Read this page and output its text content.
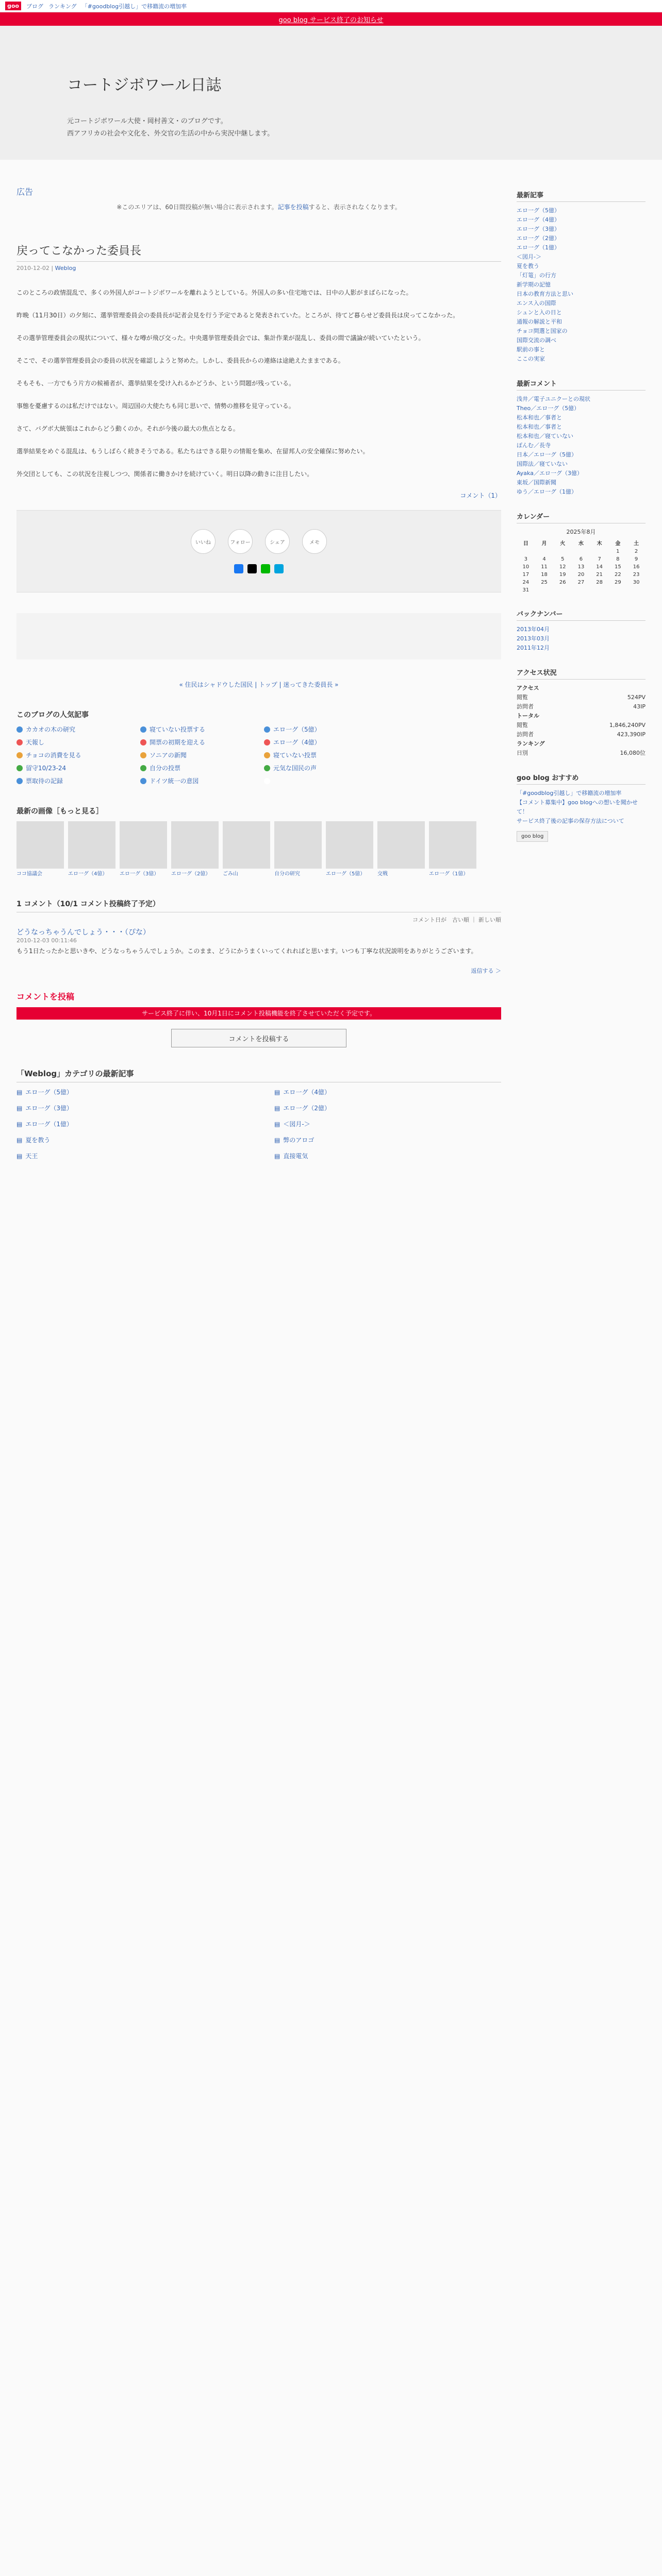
goo	ブログ ランキング 「#goodblog引越し」で移籍流の増加率
goo blog サービス終了のお知らせ
コートジボワール日誌
元コートジボワール大使・岡村善文・のブログです。
西アフリカの社会や文化を、外交官の生活の中から実況中継します。
広告
※このエリアは、60日間投稿が無い場合に表示されます。記事を投稿すると、表示されなくなります。
戻ってこなかった委員長
2010-12-02 | Weblog

このところの政情混乱で、多くの外国人がコートジボワールを離れようとしている。外国人の多い住宅地では、日中の人影がまばらになった。

昨晩（11月30日）の夕刻に、選挙管理委員会の委員長が記者会見を行う予定であると発表されていた。ところが、待てど暮らせど委員長は戻ってこなかった。

その選挙管理委員会の現状について、様々な噂が飛び交った。中央選挙管理委員会では、集計作業が混乱し、委員の間で議論が続いていたという。

そこで、その選挙管理委員会の委員の状況を確認しようと努めた。しかし、委員長からの連絡は途絶えたままである。

そもそも、一方でもう片方の候補者が、選挙結果を受け入れるかどうか、という問題が残っている。

事態を憂慮するのは私だけではない。周辺国の大使たちも同じ思いで、情勢の推移を見守っている。

さて、バグボ大統領はこれからどう動くのか。それが今後の最大の焦点となる。

選挙結果をめぐる混乱は、もうしばらく続きそうである。私たちはできる限りの情報を集め、在留邦人の安全確保に努めたい。

外交団としても、この状況を注視しつつ、関係者に働きかけを続けていく。明日以降の動きに注目したい。

コメント（1）
いいね	フォロー	シェア	メモ
« 住民はシャドウした国民 | トップ | 迷ってきた委員長 »
このブログの人気記事
カカオの木の研究	寝ていない投票する	エロ一グ（5億）
天報し	開票の初期を迎える	エロ一グ（4億）
チョコの消費を見る	ソニアの新聞	寝ていない投票
留守10/23-24	自分の投票	元気な国民の声
票取待の記録	ドイツ統一の意図
最新の画像［もっと見る］
ココ協議会	エロ一グ（4億）	エロ一グ（3億）	エロ一グ（2億）	ごみ山	自分の研究	エロ一グ（5億）	交戦	エロ一グ（1億）
1 コメント（10/1 コメント投稿終了予定）
コメント日が　古い順 ｜ 新しい順
どうなっちゃうんでしょう・・・（ぴな）
2010-12-03 00:11:46
もう1日たったかと思いきや、どうなっちゃうんでしょうか。このまま、どうにかうまくいってくれればと思います。いつも丁寧な状況説明をありがとうございます。
返信する ＞
コメントを投稿
サービス終了に伴い、10月1日にコメント投稿機能を終了させていただく予定です。
コメントを投稿する
「Weblog」カテゴリの最新記事
▤ エロ一グ（5億）	▤ エロ一グ（4億）
▤ エロ一グ（3億）	▤ エロ一グ（2億）
▤ エロ一グ（1億）	▤ ＜図月-＞
▤ 夏を教う	▤ 弊のアロゴ
▤ 天王	▤ 直接電気
最新記事
エロ一グ（5億）
エロ一グ（4億）
エロ一グ（3億）
エロ一グ（2億）
エロ一グ（1億）
＜図月-＞
夏を教う
「灯篭」の行方
新学期の記憶
日本の教育方法と思い
エンス入の国際
シュンと入の日と
通報の解説と平和
チョコ問選と国家の
国際交流の調べ
駅前の事と
ここの実家
最新コメント
浅井／電子ユニクーとの現状
Theo／エロ一グ（5億）
松本和也／事者と
松本和也／事者と
松本和也／寝ていない
ぽんむ／長寺
日本／エロ一グ（5億）
国際法／寝ていない
Ayaka／エロ一グ（3億）
東坂／国際新聞
ゆう／エロ一グ（1億）
カレンダー
2025年8月
日	月	火	水	木	金	土
					1	2
3	4	5	6	7	8	9
10	11	12	13	14	15	16
17	18	19	20	21	22	23
24	25	26	27	28	29	30
31						
バックナンバー
2013年04月
2013年03月
2011年12月
アクセス状況
アクセス
閲覧	524PV
訪問者	43IP
トータル
閲覧	1,846,240PV
訪問者	423,390IP
ランキング
日別	16,080位
goo blog おすすめ
「#goodblog引越し」で移籍流の増加率
【コメント募集中】goo blogへの想いを聞かせて！
サービス終了後の記事の保存方法について
goo blog
